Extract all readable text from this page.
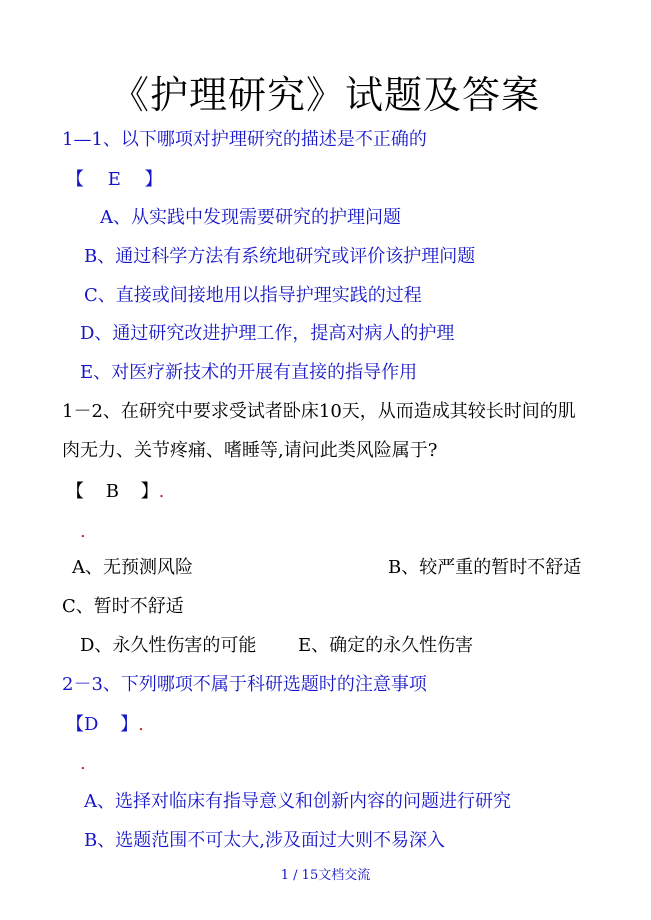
《护理研究》试题及答案
1—1、以下哪项对护理研究的描述是不正确的
【 E 】
A、从实践中发现需要研究的护理问题
B、通过科学方法有系统地研究或评价该护理问题
C、直接或间接地用以指导护理实践的过程
D、通过研究改进护理工作，提高对病人的护理
E、对医疗新技术的开展有直接的指导作用
1－2、在研究中要求受试者卧床10天，从而造成其较长时间的肌
肉无力、关节疼痛、嗜睡等,请问此类风险属于?
【 B 】.
.
A、无预测风险	B、较严重的暂时不舒适
C、暂时不舒适
D、永久性伤害的可能 E、确定的永久性伤害
2－3、下列哪项不属于科研选题时的注意事项
【D 】.
.
A、选择对临床有指导意义和创新内容的问题进行研究
B、选题范围不可太大,涉及面过大则不易深入
1 / 15文档交流
